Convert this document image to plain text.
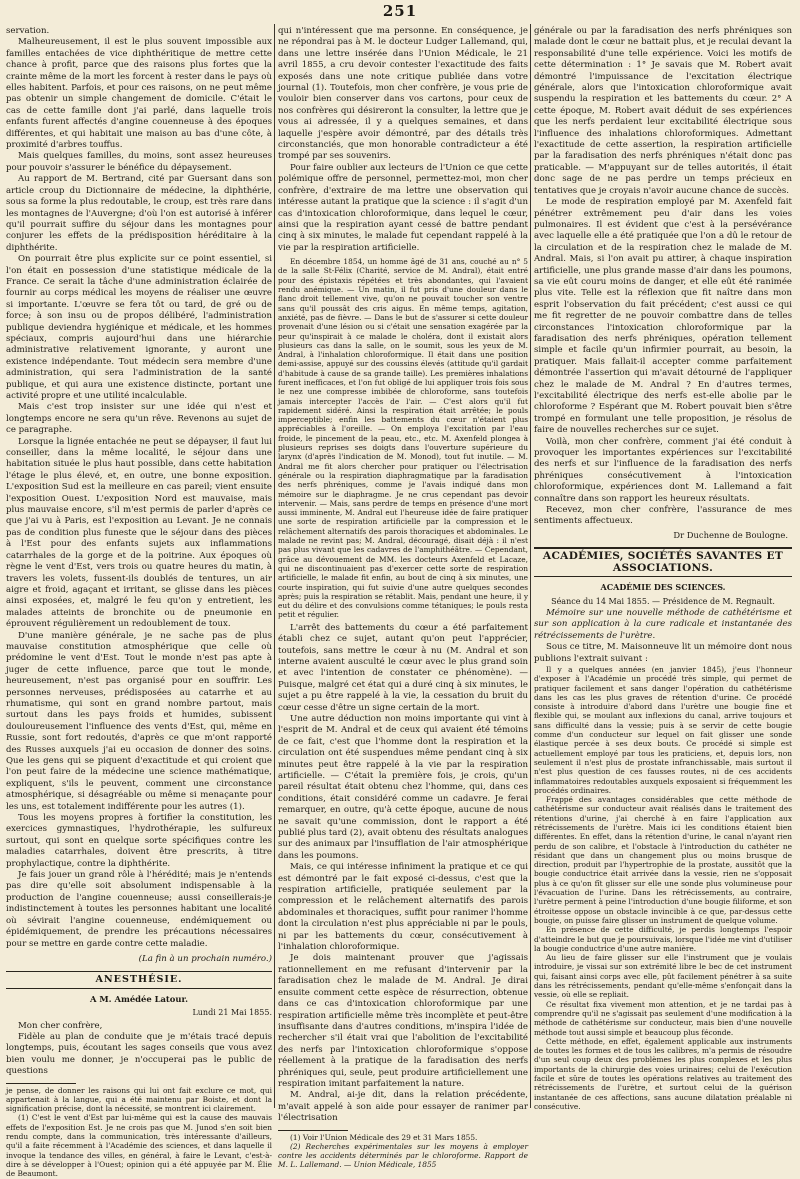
251

servation.

Malheureusement, il est le plus souvent impossible aux familles entachées de vice diphthéritique de mettre cette chance à profit, parce que des raisons plus fortes que la crainte même de la mort les forcent à rester dans le pays où elles habitent. Parfois, et pour ces raisons, on ne peut même pas obtenir un simple changement de domicile. C'était le cas de cette famille dont j'ai parlé, dans laquelle trois enfants furent affectés d'angine couenneuse à des époques différentes, et qui habitait une maison au bas d'une côte, à proximité d'arbres touffus.

Mais quelques familles, du moins, sont assez heureuses pour pouvoir s'assurer le bénéfice du dépaysement.

Au rapport de M. Bertrand, cité par Guersant dans son article croup du Dictionnaire de médecine, la diphthérie, sous sa forme la plus redoutable, le croup, est très rare dans les montagnes de l'Auvergne; d'où l'on est autorisé à inférer qu'il pourrait suffire du séjour dans les montagnes pour conjurer les effets de la prédisposition héréditaire à la diphthérite.

On pourrait être plus explicite sur ce point essentiel, si l'on était en possession d'une statistique médicale de la France. Ce serait la tâche d'une administration éclairée de fournir au corps médical les moyens de réaliser une œuvre si importante. L'œuvre se fera tôt ou tard, de gré ou de force; à son insu ou de propos délibéré, l'administration publique deviendra hygiénique et médicale, et les hommes spéciaux, compris aujourd'hui dans une hiérarchie administrative relativement ignorante, y auront une existence indépendante. Tout médecin sera membre d'une administration, qui sera l'administration de la santé publique, et qui aura une existence distincte, portant une activité propre et une utilité incalculable.

Mais c'est trop insister sur une idée qui n'est et longtemps encore ne sera qu'un rêve. Revenons au sujet de ce paragraphe.

Lorsque la lignée entachée ne peut se dépayser, il faut lui conseiller, dans la même localité, le séjour dans une habitation située le plus haut possible, dans cette habitation l'étage le plus élevé, et, en outre, une bonne exposition. L'exposition Sud est la meilleure en cas pareil; vient ensuite l'exposition Ouest. L'exposition Nord est mauvaise, mais plus mauvaise encore, s'il m'est permis de parler d'après ce que j'ai vu à Paris, est l'exposition au Levant. Je ne connais pas de condition plus funeste que le séjour dans des pièces à l'Est pour des enfants sujets aux inflammations catarrhales de la gorge et de la poitrine. Aux époques où règne le vent d'Est, vers trois ou quatre heures du matin, à travers les volets, fussent-ils doublés de tentures, un air aigre et froid, agaçant et irritant, se glisse dans les pièces ainsi exposées, et, malgré le feu qu'on y entretient, les malades atteints de bronchite ou de pneumonie en éprouvent régulièrement un redoublement de toux.

D'une manière générale, je ne sache pas de plus mauvaise constitution atmosphérique que celle où prédomine le vent d'Est. Tout le monde n'est pas apte à juger de cette influence, parce que tout le monde, heureusement, n'est pas organisé pour en souffrir. Les personnes nerveuses, prédisposées au catarrhe et au rhumatisme, qui sont en grand nombre partout, mais surtout dans les pays froids et humides, subissent douloureusement l'influence des vents d'Est, qui, même en Russie, sont fort redoutés, d'après ce que m'ont rapporté des Russes auxquels j'ai eu occasion de donner des soins. Que les gens qui se piquent d'exactitude et qui croient que l'on peut faire de la médecine une science mathématique, expliquent, s'ils le peuvent, comment une circonstance atmosphérique, si désagréable ou même si menaçante pour les uns, est totalement indifférente pour les autres (1).

Tous les moyens propres à fortifier la constitution, les exercices gymnastiques, l'hydrothérapie, les sulfureux surtout, qui sont en quelque sorte spécifiques contre les maladies catarrhales, doivent être prescrits, à titre prophylactique, contre la diphthérite.

Je fais jouer un grand rôle à l'hérédité; mais je n'entends pas dire qu'elle soit absolument indispensable à la production de l'angine couenneuse; aussi conseillerais-je indistinctement à toutes les personnes habitant une localité où sévirait l'angine couenneuse, endémiquement ou épidémiquement, de prendre les précautions nécessaires pour se mettre en garde contre cette maladie.

(La fin à un prochain numéro.)
ANESTHÉSIE.
A M. Amédée Latour.
Lundi 21 Mai 1855.

Mon cher confrère,

Fidèle au plan de conduite que je m'étais tracé depuis longtemps, puis, écoutant les sages conseils que vous avez bien voulu me donner, je n'occuperai pas le public de questions

je pense, de donner les raisons qui lui ont fait exclure ce mot, qui appartenait à la langue, qui a été maintenu par Boiste, et dont la signification précise, dont la nécessité, se montrent ici clairement.

(1) C'est le vent d'Est par lui-même qui est la cause des mauvais effets de l'exposition Est. Je ne crois pas que M. Junod s'en soit bien rendu compte, dans la communication, très intéressante d'ailleurs, qu'il a faite récemment à l'Académie des sciences, et dans laquelle il invoque la tendance des villes, en général, à faire le Levant, c'est-à-dire à se développer à l'Ouest; opinion qui a été appuyée par M. Élie de Beaumont.

qui n'intéressent que ma personne. En conséquence, je ne répondrai pas à M. le docteur Ludger Lallemand, qui, dans une lettre insérée dans l'Union Médicale, le 21 avril 1855, a cru devoir contester l'exactitude des faits exposés dans une note critique publiée dans votre journal (1). Toutefois, mon cher confrère, je vous prie de vouloir bien conserver dans vos cartons, pour ceux de nos confrères qui désireront la consulter, la lettre que je vous ai adressée, il y a quelques semaines, et dans laquelle j'espère avoir démontré, par des détails très circonstanciés, que mon honorable contradicteur a été trompé par ses souvenirs.

Pour faire oublier aux lecteurs de l'Union ce que cette polémique offre de personnel, permettez-moi, mon cher confrère, d'extraire de ma lettre une observation qui intéresse autant la pratique que la science : il s'agit d'un cas d'intoxication chloroformique, dans lequel le cœur, ainsi que la respiration ayant cessé de battre pendant cinq à six minutes, le malade fut cependant rappelé à la vie par la respiration artificielle.

En décembre 1854, un homme âgé de 31 ans, couché au n° 5 de la salle St-Félix (Charité, service de M. Andral), était entré pour des épistaxis répétées et très abondantes, qui l'avaient rendu anémique. — Un matin, il fut pris d'une douleur dans le flanc droit tellement vive, qu'on ne pouvait toucher son ventre sans qu'il poussât des cris aigus. En même temps, agitation, anxiété, pas de fièvre. — Dans le but de s'assurer si cette douleur provenait d'une lésion ou si c'était une sensation exagérée par la peur qu'inspirait à ce malade le choléra, dont il existait alors plusieurs cas dans la salle, on le soumit, sous les yeux de M. Andral, à l'inhalation chloroformique. Il était dans une position demi-assise, appuyé sur des coussins élevés (attitude qu'il gardait d'habitude à cause de sa grande taille). Les premières inhalations furent inefficaces, et l'on fut obligé de lui appliquer trois fois sous le nez une compresse imbibée de chloroforme, sans toutefois jamais intercepter l'accès de l'air. — C'est alors qu'il fut rapidement sidéré. Ainsi la respiration était arrêtée; le pouls imperceptible; enfin les battements du cœur n'étaient plus appréciables à l'oreille. — On employa l'excitation par l'eau froide, le pincement de la peau, etc., etc. M. Axenfeld plongea à plusieurs reprises ses doigts dans l'ouverture supérieure du larynx (d'après l'indication de M. Monod), tout fut inutile. — M. Andral me fit alors chercher pour pratiquer ou l'électrisation générale ou la respiration diaphragmatique par la faradisation des nerfs phréniques, comme je l'avais indiqué dans mon mémoire sur le diaphragme. Je ne crus cependant pas devoir intervenir. — Mais, sans perdre de temps en présence d'une mort aussi imminente, M. Andral eut l'heureuse idée de faire pratiquer une sorte de respiration artificielle par la compression et le relâchement alternatifs des parois thoraciques et abdominales. Le malade ne revint pas; M. Andral, découragé, disait déjà : il n'est pas plus vivant que les cadavres de l'amphithéâtre. — Cependant, grâce au dévouement de MM. les docteurs Axenfeld et Lacaze, qui ne discontinuaient pas d'exercer cette sorte de respiration artificielle, le malade fit enfin, au bout de cinq à six minutes, une courte inspiration, qui fut suivie d'une autre quelques secondes après; puis la respiration se rétablit. Mais, pendant une heure, il y eut du délire et des convulsions comme tétaniques; le pouls resta petit et régulier.

L'arrêt des battements du cœur a été parfaitement établi chez ce sujet, autant qu'on peut l'apprécier, toutefois, sans mettre le cœur à nu (M. Andral et son interne avaient ausculté le cœur avec le plus grand soin et avec l'intention de constater ce phénomène). — Puisque, malgré cet état qui a duré cinq à six minutes, le sujet a pu être rappelé à la vie, la cessation du bruit du cœur cesse d'être un signe certain de la mort.

Une autre déduction non moins importante qui vint à l'esprit de M. Andral et de ceux qui avaient été témoins de ce fait, c'est que l'homme dont la respiration et la circulation ont été suspendues même pendant cinq à six minutes peut être rappelé à la vie par la respiration artificielle. — C'était la première fois, je crois, qu'un pareil résultat était obtenu chez l'homme, qui, dans ces conditions, était considéré comme un cadavre. Je ferai remarquer, en outre, qu'à cette époque, aucune de nous ne savait qu'une commission, dont le rapport a été publié plus tard (2), avait obtenu des résultats analogues sur des animaux par l'insufflation de l'air atmosphérique dans les poumons.

Mais, ce qui intéresse infiniment la pratique et ce qui est démontré par le fait exposé ci-dessus, c'est que la respiration artificielle, pratiquée seulement par la compression et le relâchement alternatifs des parois abdominales et thoraciques, suffit pour ranimer l'homme dont la circulation n'est plus appréciable ni par le pouls, ni par les battements du cœur, consécutivement à l'inhalation chloroformique.

Je dois maintenant prouver que j'agissais rationnellement en me refusant d'intervenir par la faradisation chez le malade de M. Andral. Je dirai ensuite comment cette espèce de résurrection, obtenue dans ce cas d'intoxication chloroformique par une respiration artificielle même très incomplète et peut-être insuffisante dans d'autres conditions, m'inspira l'idée de rechercher s'il était vrai que l'abolition de l'excitabilité des nerfs par l'intoxication chloroformique s'oppose réellement à la pratique de la faradisation des nerfs phréniques qui, seule, peut produire artificiellement une respiration imitant parfaitement la nature.

M. Andral, ai-je dit, dans la relation précédente, m'avait appelé à son aide pour essayer de ranimer par l'électrisation

(1) Voir l'Union Médicale des 29 et 31 Mars 1855.

(2) Recherches expérimentales sur les moyens à employer contre les accidents déterminés par le chloroforme. Rapport de M. L. Lallemand. — Union Médicale, 1855

générale ou par la faradisation des nerfs phréniques son malade dont le cœur ne battait plus, et je reculai devant la responsabilité d'une telle expérience. Voici les motifs de cette détermination : 1° Je savais que M. Robert avait démontré l'impuissance de l'excitation électrique générale, alors que l'intoxication chloroformique avait suspendu la respiration et les battements du cœur. 2° A cette époque, M. Robert avait déduit de ses expériences que les nerfs perdaient leur excitabilité électrique sous l'influence des inhalations chloroformiques. Admettant l'exactitude de cette assertion, la respiration artificielle par la faradisation des nerfs phréniques n'était donc pas praticable. — M'appuyant sur de telles autorités, il était donc sage de ne pas perdre un temps précieux en tentatives que je croyais n'avoir aucune chance de succès.

Le mode de respiration employé par M. Axenfeld fait pénétrer extrêmement peu d'air dans les voies pulmonaires. Il est évident que c'est à la persévérance avec laquelle elle a été pratiquée que l'on a dû le retour de la circulation et de la respiration chez le malade de M. Andral. Mais, si l'on avait pu attirer, à chaque inspiration artificielle, une plus grande masse d'air dans les poumons, sa vie eût couru moins de danger, et elle eût été ranimée plus vite. Telle est la réflexion que fit naître dans mon esprit l'observation du fait précédent; c'est aussi ce qui me fit regretter de ne pouvoir combattre dans de telles circonstances l'intoxication chloroformique par la faradisation des nerfs phréniques, opération tellement simple et facile qu'un infirmier pourrait, au besoin, la pratiquer. Mais fallait-il accepter comme parfaitement démontrée l'assertion qui m'avait détourné de l'appliquer chez le malade de M. Andral ? En d'autres termes, l'excitabilité électrique des nerfs est-elle abolie par le chloroforme ? Espérant que M. Robert pouvait bien s'être trompé en formulant une telle proposition, je résolus de faire de nouvelles recherches sur ce sujet.

Voilà, mon cher confrère, comment j'ai été conduit à provoquer les importantes expériences sur l'excitabilité des nerfs et sur l'influence de la faradisation des nerfs phréniques consécutivement à l'intoxication chloroformique, expériences dont M. Lallemand a fait connaître dans son rapport les heureux résultats.

Recevez, mon cher confrère, l'assurance de mes sentiments affectueux.

Dr Duchenne de Boulogne.
ACADÉMIES, SOCIÉTÉS SAVANTES ET ASSOCIATIONS.
ACADÉMIE DES SCIENCES.
Séance du 14 Mai 1855. — Présidence de M. Regnault.

Mémoire sur une nouvelle méthode de cathétérisme et sur son application à la cure radicale et instantanée des rétrécissements de l'urètre.

Sous ce titre, M. Maisonneuve lit un mémoire dont nous publions l'extrait suivant :

Il y a quelques années (en janvier 1845), j'eus l'honneur d'exposer à l'Académie un procédé très simple, qui permet de pratiquer facilement et sans danger l'opération du cathétérisme dans les cas les plus graves de rétention d'urine. Ce procédé consiste à introduire d'abord dans l'urètre une bougie fine et flexible qui, se moulant aux inflexions du canal, arrive toujours et sans difficulté dans la vessie; puis à se servir de cette bougie comme d'un conducteur sur lequel on fait glisser une sonde élastique percée à ses deux bouts. Ce procédé si simple est actuellement employé par tous les praticiens, et, depuis lors, non seulement il n'est plus de prostate infranchissable, mais surtout il n'est plus question de ces fausses routes, ni de ces accidents inflammatoires redoutables auxquels exposaient si fréquemment les procédés ordinaires.

Frappé des avantages considérables que cette méthode de cathétérisme sur conducteur avait réalisés dans le traitement des rétentions d'urine, j'ai cherché à en faire l'application aux rétrécissements de l'urètre. Mais ici les conditions étaient bien différentes. En effet, dans la rétention d'urine, le canal n'ayant rien perdu de son calibre, et l'obstacle à l'introduction du cathéter ne résidant que dans un changement plus ou moins brusque de direction, produit par l'hypertrophie de la prostate, aussitôt que la bougie conductrice était arrivée dans la vessie, rien ne s'opposait plus à ce qu'on fît glisser sur elle une sonde plus volumineuse pour l'évacuation de l'urine. Dans les rétrécissements, au contraire, l'urètre perment à peine l'introduction d'une bougie filiforme, et son étroitesse oppose un obstacle invincible à ce que, par-dessus cette bougie, on puisse faire glisser un instrument de quelque volume.

En présence de cette difficulté, je perdis longtemps l'espoir d'atteindre le but que je poursuivais, lorsque l'idée me vint d'utiliser la bougie conductrice d'une autre manière.

Au lieu de faire glisser sur elle l'instrument que je voulais introduire, je vissai sur son extrémité libre le bec de cet instrument qui, faisant ainsi corps avec elle, pût facilement pénétrer à sa suite dans les rétrécissements, pendant qu'elle-même s'enfonçait dans la vessie, où elle se repliait.

Ce résultat fixa vivement mon attention, et je ne tardai pas à comprendre qu'il ne s'agissait pas seulement d'une modification à la méthode de cathétérisme sur conducteur, mais bien d'une nouvelle méthode tout aussi simple et beaucoup plus féconde.

Cette méthode, en effet, également applicable aux instruments de toutes les formes et de tous les calibres, m'a permis de résoudre d'un seul coup deux des problèmes les plus complexes et les plus importants de la chirurgie des voies urinaires; celui de l'exécution facile et sûre de toutes les opérations relatives au traitement des rétrécissements de l'urètre, et surtout celui de la guérison instantanée de ces affections, sans aucune dilatation préalable ni consécutive.
